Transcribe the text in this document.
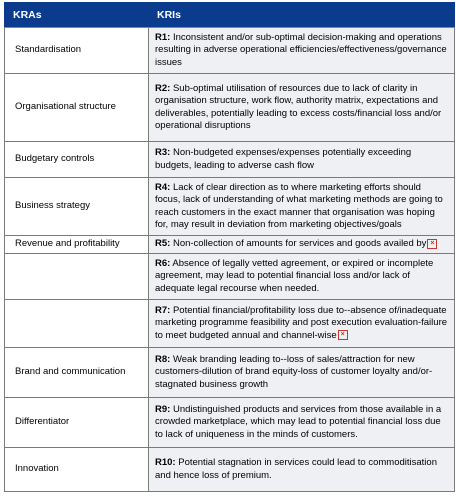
KRAs	KRIs
Standardisation	R1: Inconsistent and/or sub-optimal decision-making and operations resulting in adverse operational efficiencies/effectiveness/governance issues
Organisational structure	R2: Sub-optimal utilisation of resources due to lack of clarity in organisation structure, work flow, authority matrix, expectations and deliverables, potentially leading to excess costs/financial loss and/or operational disruptions
Budgetary controls	R3: Non-budgeted expenses/expenses potentially exceeding budgets, leading to adverse cash flow
Business strategy	R4: Lack of clear direction as to where marketing efforts should focus, lack of understanding of what marketing methods are going to reach customers in the exact manner that organisation was hoping for, may result in deviation from marketing objectives/goals
Revenue and profitability	R5: Non-collection of amounts for services and goods availed by ×
	R6: Absence of legally vetted agreement, or expired or incomplete agreement, may lead to potential financial loss and/or lack of adequate legal recourse when needed.
	R7: Potential financial/profitability loss due to--absence of/inadequate marketing programme feasibility and post execution evaluation-failure to meet budgeted annual and channel-wise ×
Brand and communication	R8: Weak branding leading to--loss of sales/attraction for new customers-dilution of brand equity-loss of customer loyalty and/or-stagnated business growth
Differentiator	R9: Undistinguished products and services from those available in a crowded marketplace, which may lead to potential financial loss due to lack of uniqueness in the minds of customers.
Innovation	R10: Potential stagnation in services could lead to commoditisation and hence loss of premium.
